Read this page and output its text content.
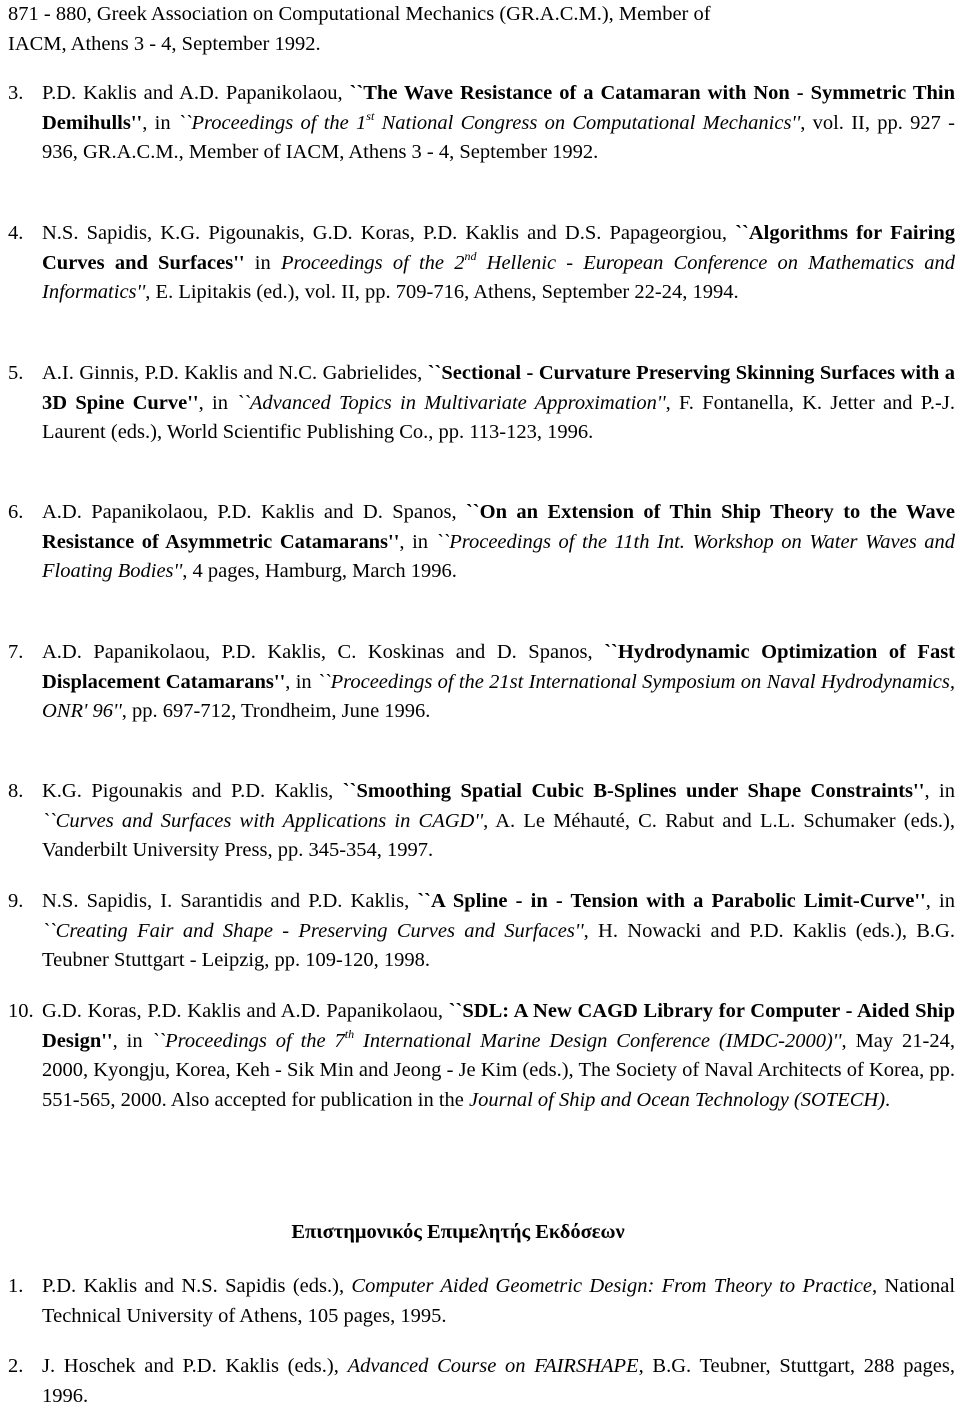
871 - 880, Greek Association on Computational Mechanics (GR.A.C.M.), Member of
IACM, Athens 3 - 4, September 1992.
3. P.D. Kaklis and A.D. Papanikolaou, ``The Wave Resistance of a Catamaran with Non - Symmetric Thin Demihulls'', in ``Proceedings of the 1st National Congress on Computational Mechanics'', vol. II, pp. 927 - 936, GR.A.C.M., Member of IACM, Athens 3 - 4, September 1992.
4. N.S. Sapidis, K.G. Pigounakis, G.D. Koras, P.D. Kaklis and D.S. Papageorgiou, ``Algorithms for Fairing Curves and Surfaces'' in Proceedings of the 2nd Hellenic - European Conference on Mathematics and Informatics'', E. Lipitakis (ed.), vol. II, pp. 709-716, Athens, September 22-24, 1994.
5. A.I. Ginnis, P.D. Kaklis and N.C. Gabrielides, ``Sectional - Curvature Preserving Skinning Surfaces with a 3D Spine Curve'', in ``Advanced Topics in Multivariate Approximation'', F. Fontanella, K. Jetter and P.-J. Laurent (eds.), World Scientific Publishing Co., pp. 113-123, 1996.
6. A.D. Papanikolaou, P.D. Kaklis and D. Spanos, ``On an Extension of Thin Ship Theory to the Wave Resistance of Asymmetric Catamarans'', in ``Proceedings of the 11th Int. Workshop on Water Waves and Floating Bodies'', 4 pages, Hamburg, March 1996.
7. A.D. Papanikolaou, P.D. Kaklis, C. Koskinas and D. Spanos, ``Hydrodynamic Optimization of Fast Displacement Catamarans'', in ``Proceedings of the 21st International Symposium on Naval Hydrodynamics, ONR' 96'', pp. 697-712, Trondheim, June 1996.
8. K.G. Pigounakis and P.D. Kaklis, ``Smoothing Spatial Cubic B-Splines under Shape Constraints'', in ``Curves and Surfaces with Applications in CAGD'', A. Le Méhauté, C. Rabut and L.L. Schumaker (eds.), Vanderbilt University Press, pp. 345-354, 1997.
9. N.S. Sapidis, I. Sarantidis and P.D. Kaklis, ``A Spline - in - Tension with a Parabolic Limit-Curve'', in ``Creating Fair and Shape - Preserving Curves and Surfaces'', H. Nowacki and P.D. Kaklis (eds.), B.G. Teubner Stuttgart - Leipzig, pp. 109-120, 1998.
10. G.D. Koras, P.D. Kaklis and A.D. Papanikolaou, ``SDL: A New CAGD Library for Computer - Aided Ship Design'', in ``Proceedings of the 7th International Marine Design Conference (IMDC-2000)'', May 21-24, 2000, Kyongju, Korea, Keh - Sik Min and Jeong - Je Kim (eds.), The Society of Naval Architects of Korea, pp. 551-565, 2000. Also accepted for publication in the Journal of Ship and Ocean Technology (SOTECH).
Επιστημονικός Επιμελητής Εκδόσεων
1. P.D. Kaklis and N.S. Sapidis (eds.), Computer Aided Geometric Design: From Theory to Practice, National Technical University of Athens, 105 pages, 1995.
2. J. Hoschek and P.D. Kaklis (eds.), Advanced Course on FAIRSHAPE, B.G. Teubner, Stuttgart, 288 pages, 1996.
